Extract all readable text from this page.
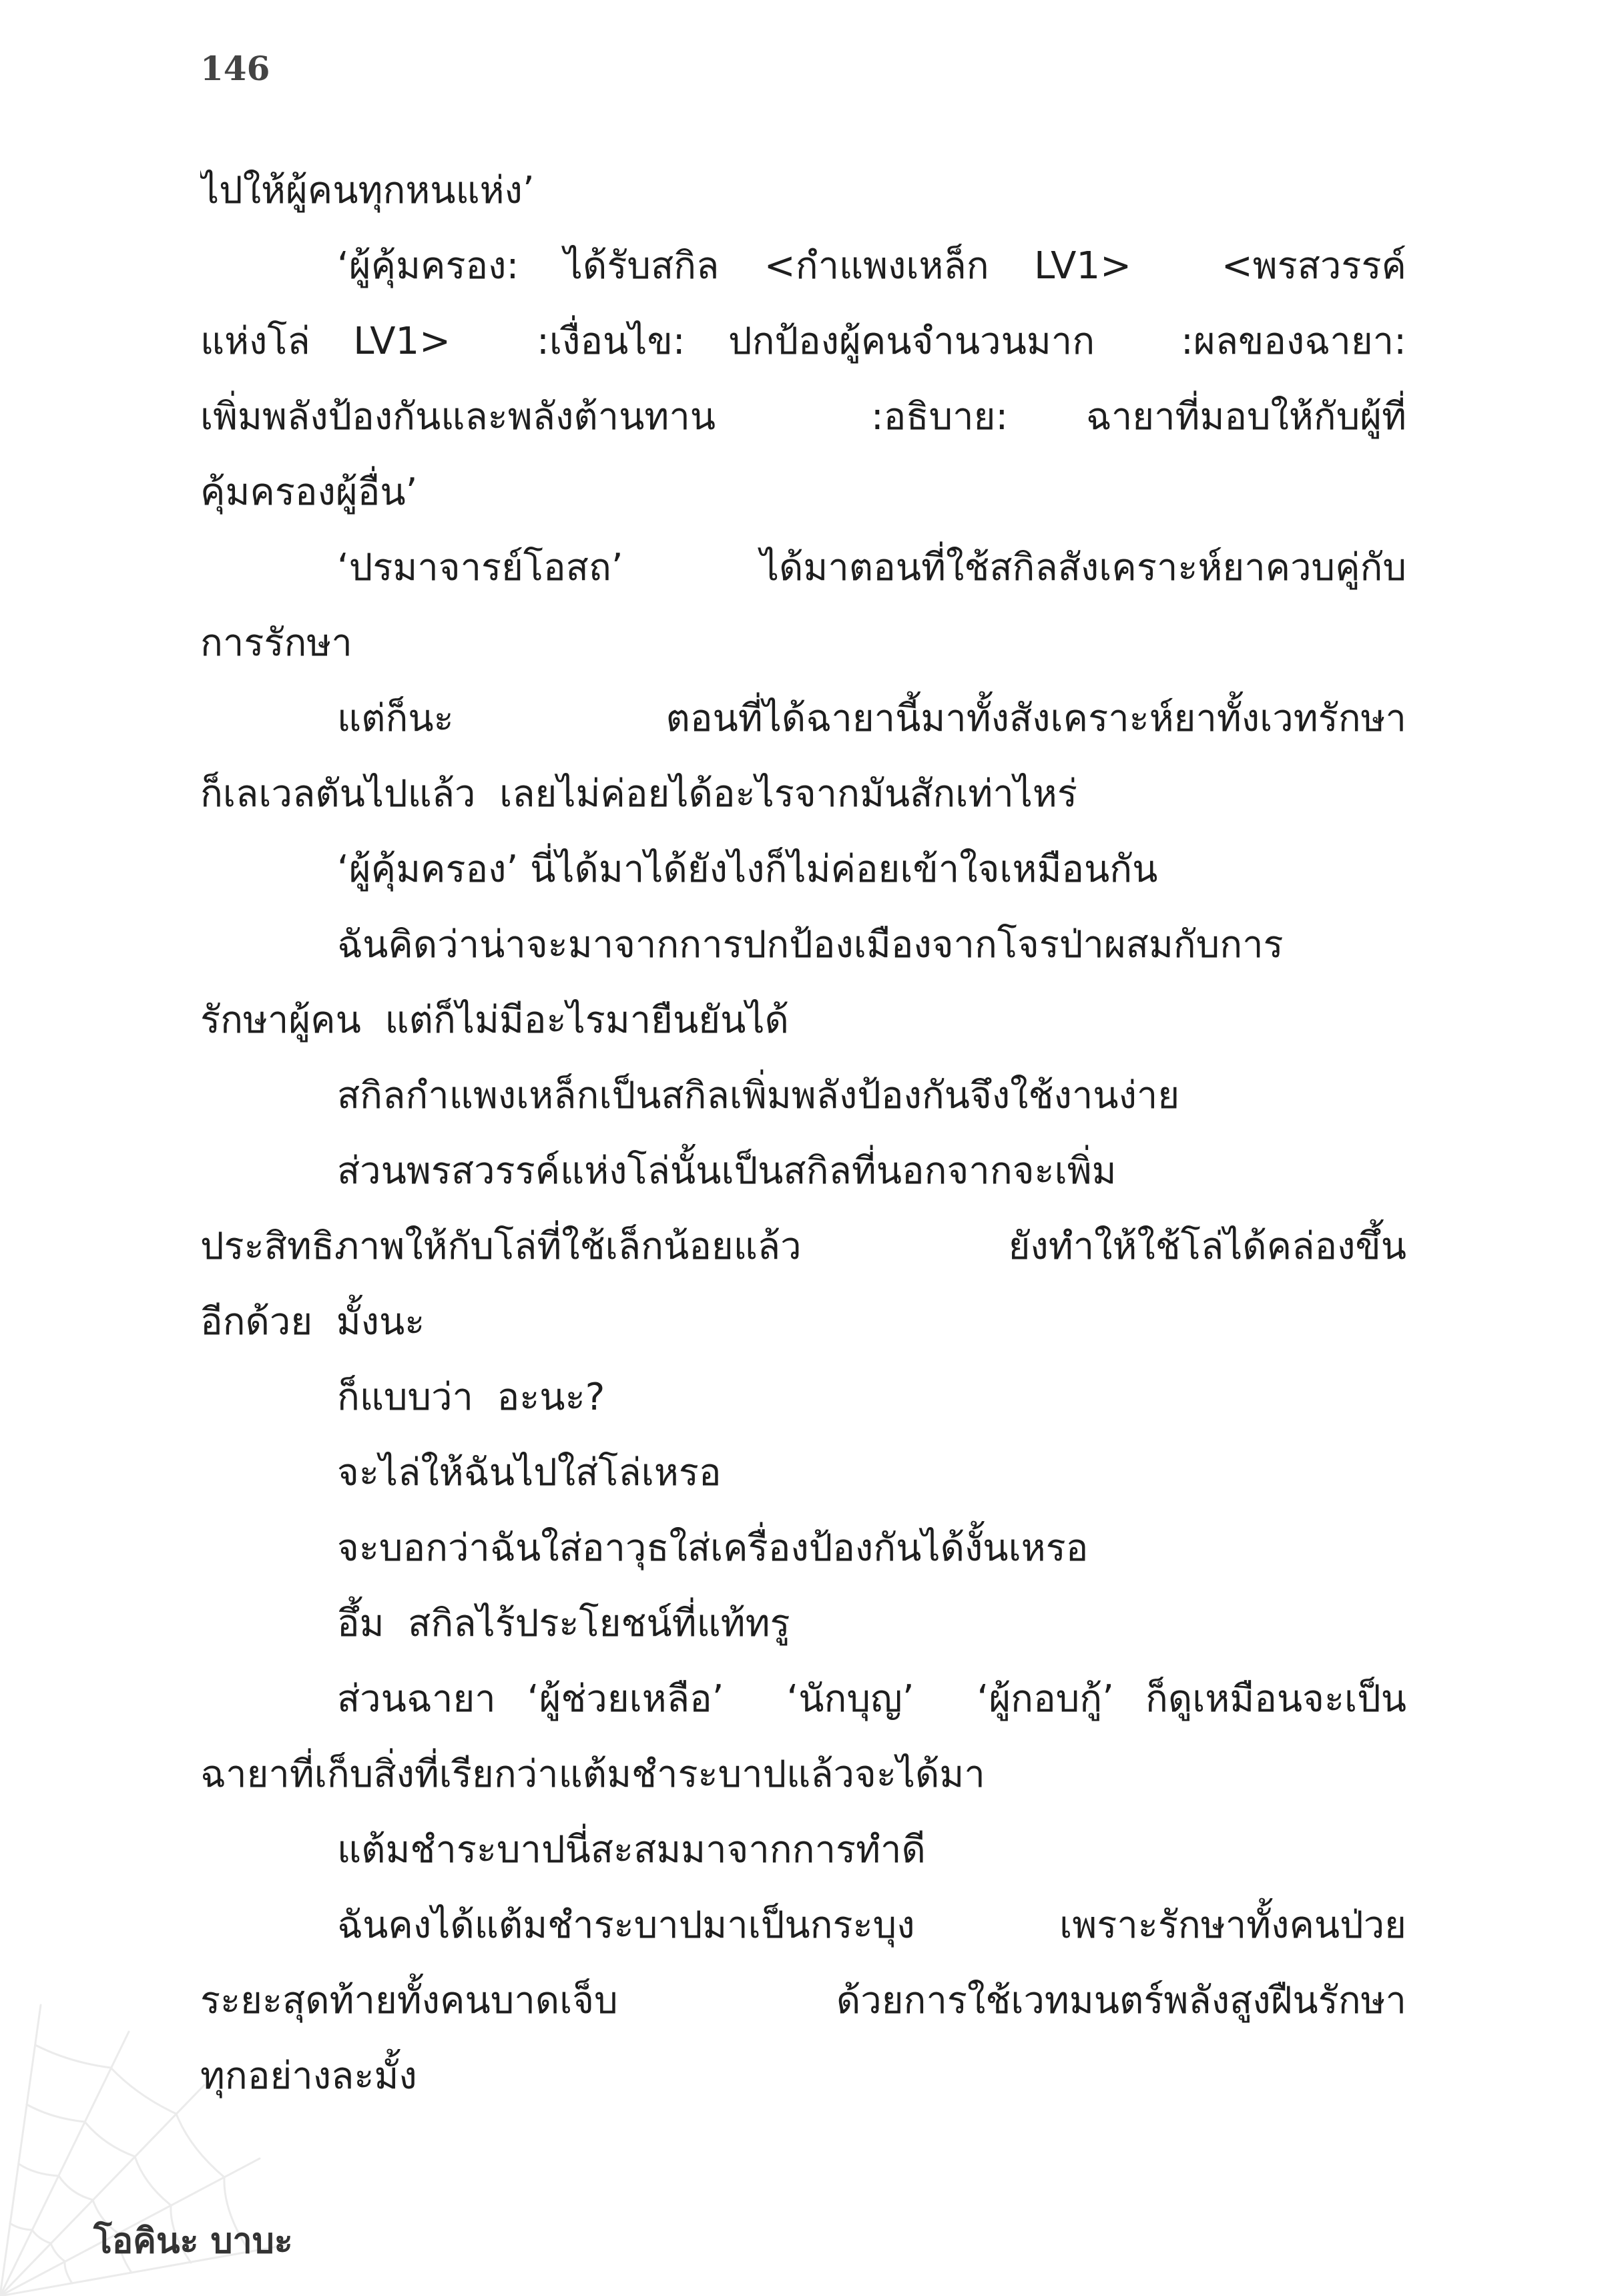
146
ไปให้ผู้คนทุกหนแห่ง’
‘ผู้คุ้มครอง: ได้รับสกิล <กำแพงเหล็ก LV1>  <พรสวรรค์
แห่งโล่ LV1>  :เงื่อนไข: ปกป้องผู้คนจำนวนมาก  :ผลของฉายา:
เพิ่มพลังป้องกันและพลังต้านทาน  :อธิบาย: ฉายาที่มอบให้กับผู้ที่
คุ้มครองผู้อื่น’
‘ปรมาจารย์โอสถ’ ได้มาตอนที่ใช้สกิลสังเคราะห์ยาควบคู่กับ
การรักษา
แต่ก็นะ  ตอนที่ได้ฉายานี้มาทั้งสังเคราะห์ยาทั้งเวทรักษา
ก็เลเวลตันไปแล้ว  เลยไม่ค่อยได้อะไรจากมันสักเท่าไหร่
‘ผู้คุ้มครอง’ นี่ได้มาได้ยังไงก็ไม่ค่อยเข้าใจเหมือนกัน
ฉันคิดว่าน่าจะมาจากการปกป้องเมืองจากโจรป่าผสมกับการ
รักษาผู้คน  แต่ก็ไม่มีอะไรมายืนยันได้
สกิลกำแพงเหล็กเป็นสกิลเพิ่มพลังป้องกันจึงใช้งานง่าย
ส่วนพรสวรรค์แห่งโล่นั้นเป็นสกิลที่นอกจากจะเพิ่ม
ประสิทธิภาพให้กับโล่ที่ใช้เล็กน้อยแล้ว  ยังทำให้ใช้โล่ได้คล่องขึ้น
อีกด้วย  มั้งนะ
ก็แบบว่า  อะนะ?
จะไล่ให้ฉันไปใส่โล่เหรอ
จะบอกว่าฉันใส่อาวุธใส่เครื่องป้องกันได้งั้นเหรอ
อึ้ม  สกิลไร้ประโยชน์ที่แท้ทรู
ส่วนฉายา ‘ผู้ช่วยเหลือ’  ‘นักบุญ’  ‘ผู้กอบกู้’ ก็ดูเหมือนจะเป็น
ฉายาที่เก็บสิ่งที่เรียกว่าแต้มชำระบาปแล้วจะได้มา
แต้มชำระบาปนี่สะสมมาจากการทำดี
ฉันคงได้แต้มชำระบาปมาเป็นกระบุง  เพราะรักษาทั้งคนป่วย
ระยะสุดท้ายทั้งคนบาดเจ็บ  ด้วยการใช้เวทมนตร์พลังสูงฝืนรักษา
ทุกอย่างละมั้ง
โอคินะ บาบะ
